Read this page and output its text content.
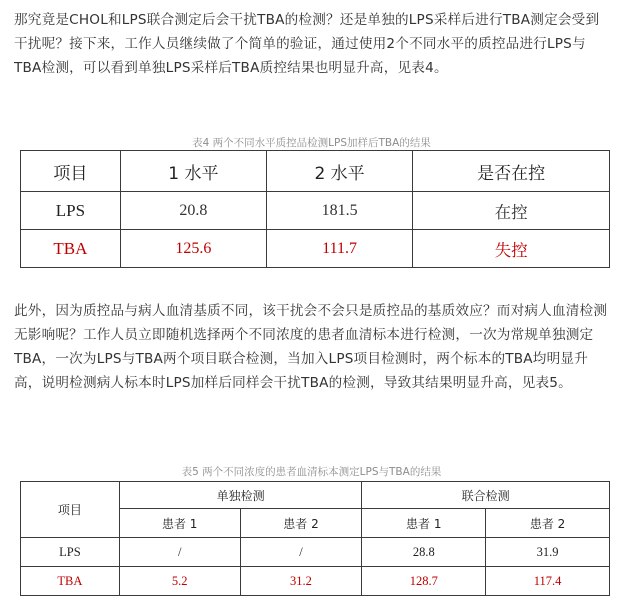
那究竟是CHOL和LPS联合测定后会干扰TBA的检测？还是单独的LPS采样后进行TBA测定会受到干扰呢？接下来，工作人员继续做了个简单的验证，通过使用2个不同水平的质控品进行LPS与TBA检测，可以看到单独LPS采样后TBA质控结果也明显升高，见表4。

表4 两个不同水平质控品检测LPS加样后TBA的结果
项目	1 水平	2 水平	是否在控
LPS	20.8	181.5	在控
TBA	125.6	111.7	失控

此外，因为质控品与病人血清基质不同，该干扰会不会只是质控品的基质效应？而对病人血清检测无影响呢？工作人员立即随机选择两个不同浓度的患者血清标本进行检测，一次为常规单独测定TBA，一次为LPS与TBA两个项目联合检测，当加入LPS项目检测时，两个标本的TBA均明显升高，说明检测病人标本时LPS加样后同样会干扰TBA的检测，导致其结果明显升高，见表5。

表5 两个不同浓度的患者血清标本测定LPS与TBA的结果
项目	单独检测		联合检测	
	患者 1	患者 2	患者 1	患者 2
LPS	/	/	28.8	31.9
TBA	5.2	31.2	128.7	117.4
